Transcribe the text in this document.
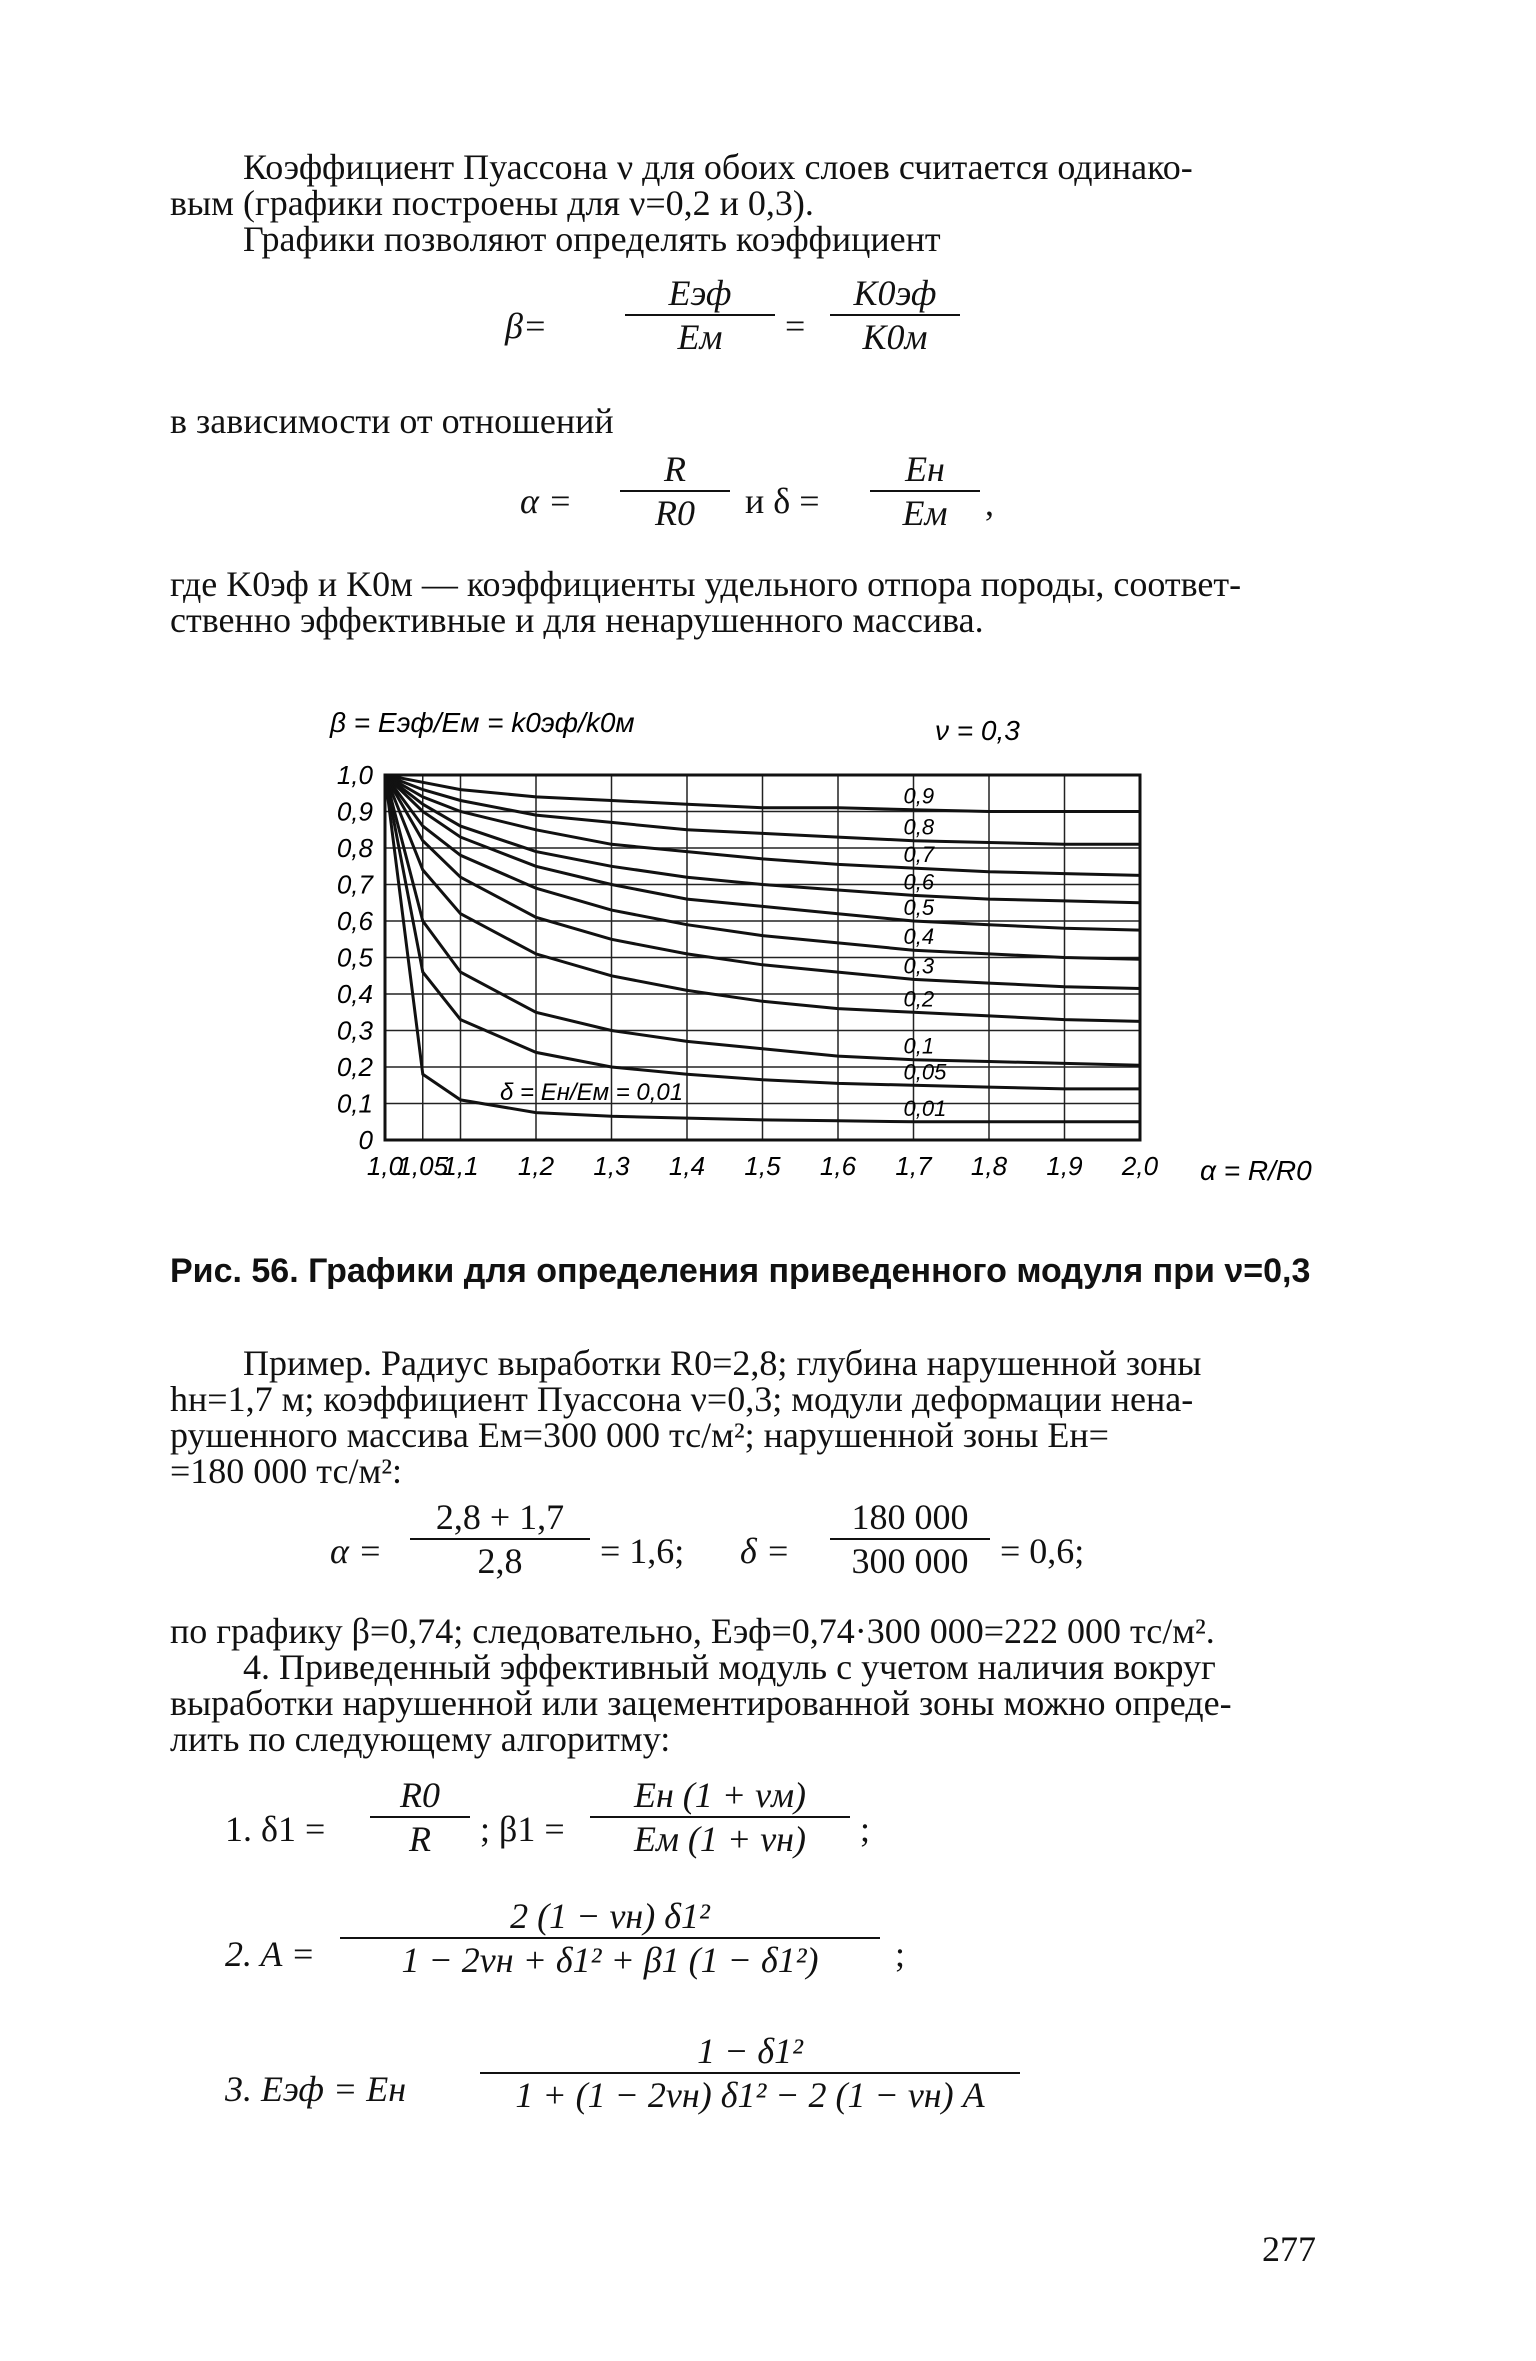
Коэффициент Пуассона ν для обоих слоев считается одинако-
вым (графики построены для ν=0,2 и 0,3).
Графики позволяют определять коэффициент
β=
Eэф
Eм	=
K0эф
K0м
в зависимости от отношений
$\alpha = \frac{R}{R0}$ и δ =
Eн
Eм	,
где K0эф и K0м — коэффициенты удельного отпора породы, соответ-
ственно эффективные и для ненарушенного массива.
β = Eэф/Eм = k0эф/k0м	ν = 0,3
α = R/R0
δ = Eн/Eм = 0,01
0
0,1
0,2
0,3
0,4
0,5
0,6
0,7
0,8
0,9
1,0
1,0
1,05
1,1 1,2 1,3 1,4 1,5 1,6 1,7 1,8 1,9 2,0
0,9
0,8
0,7
0,6
0,5
0,4
0,3
0,2
0,1
0,05
0,01
Рис. 56. Графики для определения приведенного модуля при ν=0,3
Пример. Радиус выработки R0=2,8; глубина нарушенной зоны
hн=1,7 м; коэффициент Пуассона ν=0,3; модули деформации нена-
рушенного массива Eм=300 000 тс/м²; нарушенной зоны Eн=
=180 000 тс/м²:
$\alpha = \frac{2,8 + 1,7}{2,8} = 1,6$; $\delta = \frac{180 000}{300 000} = 0,6$;
по графику β=0,74; следовательно, Eэф=0,74·300 000=222 000 тс/м².
4. Приведенный эффективный модуль с учетом наличия вокруг
выработки нарушенной или зацементированной зоны можно опреде-
лить по следующему алгоритму:
1. $\delta 1 = \frac{R0}{R}$ ; β1 =
Eн (1 + νм)
Eм (1 + νн)	;
2. A =
2 (1 − νн) δ1²
1 − 2νн + δ1² + β1 (1 − δ1²)	;
3. Eэф = Eн
1 − δ1²
1 + (1 − 2νн) δ1² − 2 (1 − νн) A
277
